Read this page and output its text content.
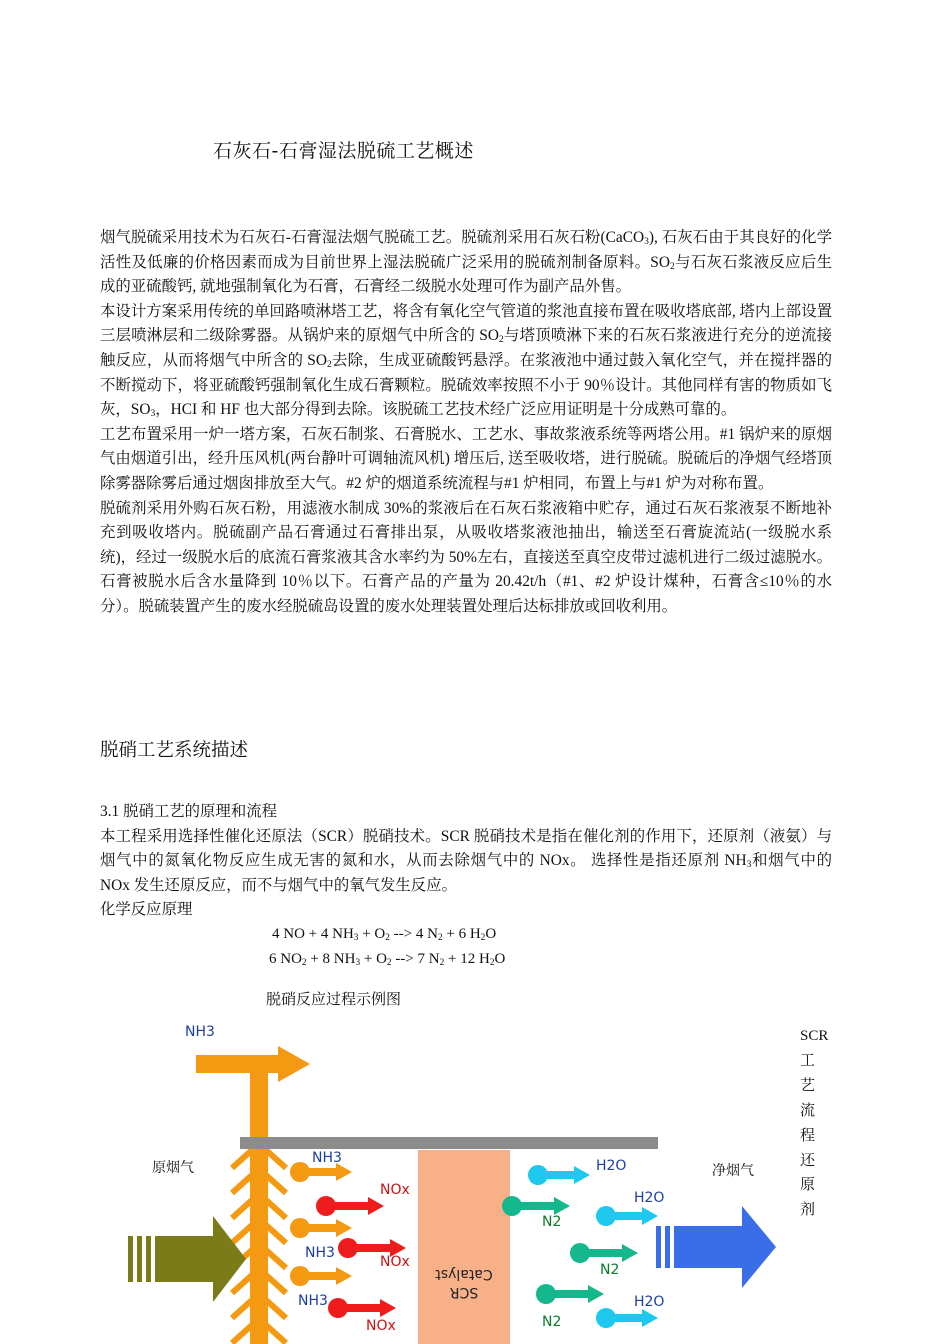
石灰石-石膏湿法脱硫工艺概述

烟气脱硫采用技术为石灰石-石膏湿法烟气脱硫工艺。脱硫剂采用石灰石粉(CaCO$_3$), 石灰石由于其良好的化学活性及低廉的价格因素而成为目前世界上湿法脱硫广泛采用的脱硫剂制备原料。$SO_2$与石灰石浆液反应后生成的亚硫酸钙, 就地强制氧化为石膏，石膏经二级脱水处理可作为副产品外售。

本设计方案采用传统的单回路喷淋塔工艺，将含有氧化空气管道的浆池直接布置在吸收塔底部, 塔内上部设置三层喷淋层和二级除雾器。从锅炉来的原烟气中所含的 $SO_2$与塔顶喷淋下来的石灰石浆液进行充分的逆流接触反应，从而将烟气中所含的 $SO_2$去除，生成亚硫酸钙悬浮。在浆液池中通过鼓入氧化空气，并在搅拌器的不断搅动下，将亚硫酸钙强制氧化生成石膏颗粒。脱硫效率按照不小于 90％设计。其他同样有害的物质如飞灰，$SO_3$，HCI 和 HF 也大部分得到去除。该脱硫工艺技术经广泛应用证明是十分成熟可靠的。

工艺布置采用一炉一塔方案，石灰石制浆、石膏脱水、工艺水、事故浆液系统等两塔公用。#1 锅炉来的原烟气由烟道引出，经升压风机(两台静叶可调轴流风机) 增压后, 送至吸收塔，进行脱硫。脱硫后的净烟气经塔顶除雾器除雾后通过烟囱排放至大气。#2 炉的烟道系统流程与#1 炉相同，布置上与#1 炉为对称布置。

脱硫剂采用外购石灰石粉，用滤液水制成 30%的浆液后在石灰石浆液箱中贮存，通过石灰石浆液泵不断地补充到吸收塔内。脱硫副产品石膏通过石膏排出泵，从吸收塔浆液池抽出，输送至石膏旋流站(一级脱水系统)，经过一级脱水后的底流石膏浆液其含水率约为 50%左右，直接送至真空皮带过滤机进行二级过滤脱水。石膏被脱水后含水量降到 10％以下。石膏产品的产量为 20.42t/h（#1、#2 炉设计煤种，石膏含≤10％的水分）。脱硫装置产生的废水经脱硫岛设置的废水处理装置处理后达标排放或回收利用。

脱硝工艺系统描述

3.1 脱硝工艺的原理和流程

本工程采用选择性催化还原法（SCR）脱硝技术。SCR 脱硝技术是指在催化剂的作用下，还原剂（液氨）与烟气中的氮氧化物反应生成无害的氮和水，从而去除烟气中的 NOx。 选择性是指还原剂 $NH_3$和烟气中的 NOx 发生还原反应，而不与烟气中的氧气发生反应。

化学反应原理

4 NO + 4 $NH_3 + O_2$ --> 4 $N_2 + 6$ $H_2O$
6 $NO_2 + 8$ $NH_3 + O_2$ --> 7 $N_2 + 12$ $H_2O$
脱硝反应过程示例图
SCR
工
艺
流
程
还
原
剂
NH3
SCR
Catalyst
原烟气	净烟气
NH3
NH3
NH3
NOx
NOx
NOx
H2O
H2O
H2O
N2
N2
N2
